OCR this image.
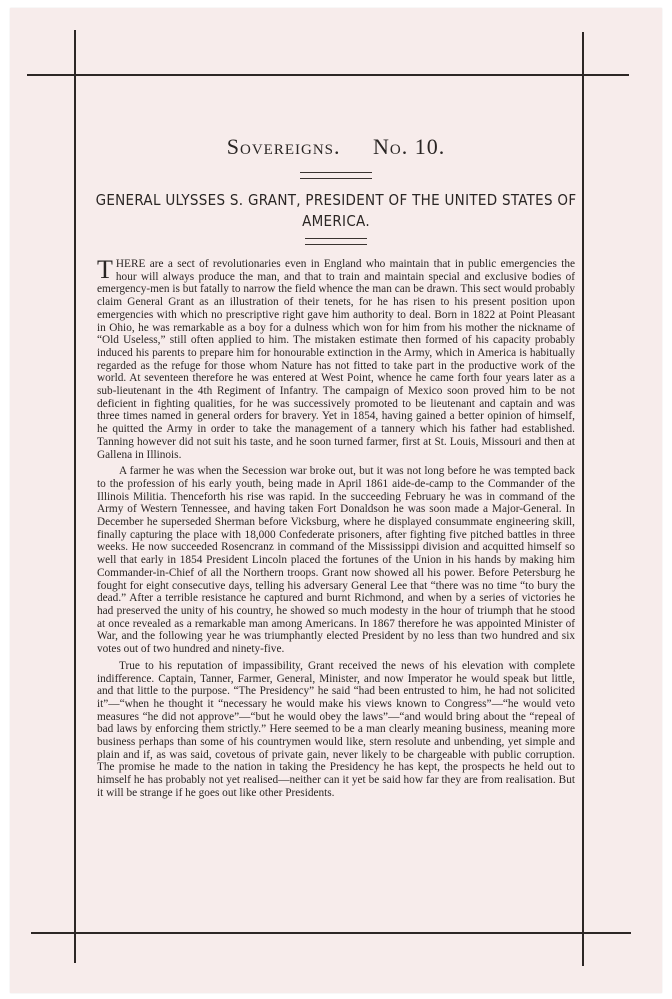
Sovereigns. No. 10.
GENERAL ULYSSES S. GRANT, PRESIDENT OF THE UNITED STATES OF AMERICA.

THERE are a sect of revolutionaries even in England who maintain that in public emergencies the hour will always produce the man, and that to train and maintain special and exclusive bodies of emergency-men is but fatally to narrow the field whence the man can be drawn. This sect would probably claim General Grant as an illustration of their tenets, for he has risen to his present position upon emergencies with which no prescriptive right gave him authority to deal. Born in 1822 at Point Pleasant in Ohio, he was remarkable as a boy for a dulness which won for him from his mother the nickname of “Old Useless,” still often applied to him. The mistaken estimate then formed of his capacity probably induced his parents to prepare him for honourable extinction in the Army, which in America is habitually regarded as the refuge for those whom Nature has not fitted to take part in the productive work of the world. At seventeen therefore he was entered at West Point, whence he came forth four years later as a sub-lieutenant in the 4th Regiment of Infantry. The campaign of Mexico soon proved him to be not deficient in fighting qualities, for he was successively promoted to be lieutenant and captain and was three times named in general orders for bravery. Yet in 1854, having gained a better opinion of himself, he quitted the Army in order to take the management of a tannery which his father had established. Tanning however did not suit his taste, and he soon turned farmer, first at St. Louis, Missouri and then at Gallena in Illinois.

A farmer he was when the Secession war broke out, but it was not long before he was tempted back to the profession of his early youth, being made in April 1861 aide-de-camp to the Commander of the Illinois Militia. Thenceforth his rise was rapid. In the succeeding February he was in command of the Army of Western Tennessee, and having taken Fort Donaldson he was soon made a Major-General. In December he superseded Sherman before Vicksburg, where he displayed consummate engineering skill, finally capturing the place with 18,000 Confederate prisoners, after fighting five pitched battles in three weeks. He now succeeded Rosencranz in command of the Mississippi division and acquitted himself so well that early in 1854 President Lincoln placed the fortunes of the Union in his hands by making him Commander-in-Chief of all the Northern troops. Grant now showed all his power. Before Petersburg he fought for eight consecutive days, telling his adversary General Lee that “there was no time “to bury the dead.” After a terrible resistance he captured and burnt Richmond, and when by a series of victories he had preserved the unity of his country, he showed so much modesty in the hour of triumph that he stood at once revealed as a remarkable man among Americans. In 1867 therefore he was appointed Minister of War, and the following year he was triumphantly elected President by no less than two hundred and six votes out of two hundred and ninety-five.

True to his reputation of impassibility, Grant received the news of his elevation with complete indifference. Captain, Tanner, Farmer, General, Minister, and now Imperator he would speak but little, and that little to the purpose. “The Presidency” he said “had been entrusted to him, he had not solicited it”—“when he thought it “necessary he would make his views known to Congress”—“he would veto measures “he did not approve”—“but he would obey the laws”—“and would bring about the “repeal of bad laws by enforcing them strictly.” Here seemed to be a man clearly meaning business, meaning more business perhaps than some of his countrymen would like, stern resolute and unbending, yet simple and plain and if, as was said, covetous of private gain, never likely to be chargeable with public corruption. The promise he made to the nation in taking the Presidency he has kept, the prospects he held out to himself he has probably not yet realised—neither can it yet be said how far they are from realisation. But it will be strange if he goes out like other Presidents.
